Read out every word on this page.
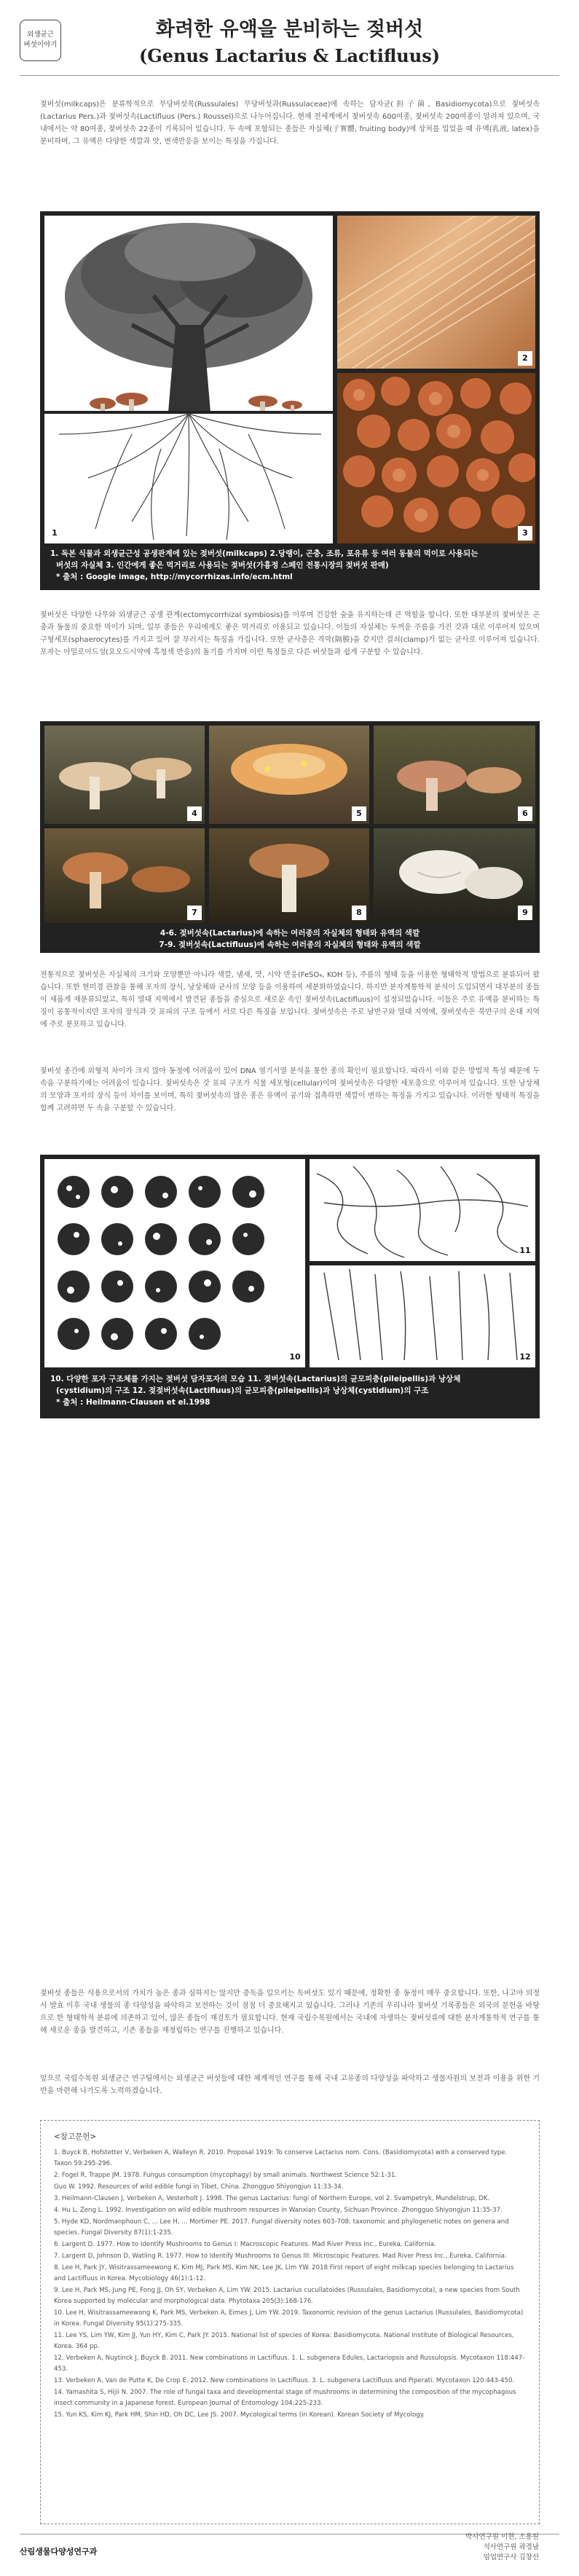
외생균근
버섯이야기
화려한 유액을 분비하는 젖버섯
(Genus Lactarius & Lactifluus)

젖버섯(milkcaps)은 분류학적으로 무당버섯목(Russulales) 무당버섯과(Russulaceae)에 속하는 담자균(担子菌, Basidiomycota)으로 젖버섯속(Lactarius Pers.)과 젖버섯속(Lactifluus (Pers.) Roussel)으로 나누어집니다. 현재 전세계에서 젖버섯속 600여종, 젖버섯속 200여종이 알려져 있으며, 국내에서는 약 80여종, 젖버섯속 22종이 기록되어 있습니다. 두 속에 포함되는 종들은 자실체(子實體, fruiting body)에 상처를 입었을 때 유액(乳液, latex)을 분비하며, 그 유액은 다양한 색깔과 맛, 변색반응을 보이는 특징을 가집니다.

1
2
3
1. 독본 식물과 외생균근성 공생관계에 있는 젖버섯(milkcaps) 2.당랭이, 곤충, 조류, 포유류 등 여러 동물의 먹이로 사용되는
버섯의 자실체 3. 인간에게 좋은 먹거리로 사용되는 젖버섯(가흉정 스페인 전통시장의 젖버섯 판매)
* 출처 : Google image, http://mycorrhizas.info/ecm.html

젖버섯은 다양한 나무와 외생균근 공생 관계(ectomycorrhizal symbiosis)를 이루며 건강한 숲을 유지하는데 큰 역할을 합니다. 또한 대부분의 젖버섯은 곤충과 동물의 중요한 먹이가 되며, 일부 종들은 우리에게도 좋은 먹거리로 이용되고 있습니다. 이들의 자실체는 두꺼운 주름을 가진 갓과 대로 이루어져 있으며 구형세포(sphaerocytes)를 가지고 있어 잘 부러지는 특징을 가집니다. 또한 균사층은 격막(隔膜)을 갖지만 걸쇠(clamp)가 없는 균사로 이루어져 있습니다. 포자는 아밀로이드성(요오드시약에 흑청색 반응)의 돌기를 가지며 이런 특징들로 다른 버섯들과 쉽게 구분할 수 있습니다.

4	5	6
7	8	9
4-6. 젖버섯속(Lactarius)에 속하는 여러종의 자실체의 형태와 유액의 색깔
7-9. 젖버섯속(Lactifluus)에 속하는 여러종의 자실체의 형태와 유액의 색깔

전통적으로 젖버섯은 자실체의 크기와 모양뿐만 아니라 색깔, 냄새, 맛, 시약 반응(FeSO₄, KOH 등), 주름의 형태 등을 이용한 형태학적 방법으로 분류되어 왔습니다. 또한 현미경 관찰을 통해 포자의 장식, 낭상체와 균사의 모양 등을 이용하여 세분화하였습니다. 하지만 분자계통학적 분석이 도입되면서 대부분의 종들이 새롭게 재분류되었고, 특히 열대 지역에서 발견된 종들을 중심으로 새로운 속인 젖버섯속(Lactifluus)이 설정되었습니다. 이들은 주로 유액을 분비하는 특징이 공통적이지만 포자의 장식과 갓 표피의 구조 등에서 서로 다른 특징을 보입니다. 젖버섯속은 주로 남반구와 열대 지역에, 젖버섯속은 북반구의 온대 지역에 주로 분포하고 있습니다.

젖버섯 종간에 외형적 차이가 크지 않아 동정에 어려움이 있어 DNA 염기서열 분석을 통한 종의 확인이 필요합니다. 따라서 이와 같은 방법적 특성 때문에 두 속을 구분하기에는 어려움이 있습니다. 젖버섯속은 갓 표피 구조가 식물 세포형(cellular)이며 젖버섯속은 다양한 세포층으로 이루어져 있습니다. 또한 낭상체의 모양과 포자의 장식 등이 차이를 보이며, 특히 젖버섯속의 많은 종은 유액이 공기와 접촉하면 색깔이 변하는 특징을 가지고 있습니다. 이러한 형태적 특징을 함께 고려하면 두 속을 구분할 수 있습니다.

10
11
12
10. 다양한 포자 구조체를 가지는 젖버섯 담자포자의 모습 11. 젖버섯속(Lactarius)의 균모피층(pileipellis)과 낭상체
(cystidium)의 구조 12. 젖젖버섯속(Lactifluus)의 균모피층(pileipellis)과 낭상체(cystidium)의 구조
* 출처 : Heilmann-Clausen et el.1998

젖버섯 종들은 식용으로서의 가치가 높은 종과 심하지는 않지만 중독을 일으키는 독버섯도 있기 때문에, 정확한 종 동정이 매우 중요합니다. 또한, 나고야 의정서 발효 이후 국내 생물의 종 다양성을 파악하고 보전하는 것이 점점 더 중요해지고 있습니다. 그러나 기존의 우리나라 젖버섯 기록종들은 외국의 문헌을 바탕으로 한 형태학적 분류에 의존하고 있어, 많은 종들이 재검토가 필요합니다. 현재 국립수목원에서는 국내에 자생하는 젖버섯류에 대한 분자계통학적 연구를 통해 새로운 종을 발견하고, 기존 종들을 재정립하는 연구를 진행하고 있습니다.

앞으로 국립수목원 외생균근 연구팀에서는 외생균근 버섯들에 대한 체계적인 연구를 통해 국내 고유종의 다양성을 파악하고 생물자원의 보전과 이용을 위한 기반을 마련해 나가도록 노력하겠습니다.

<참고문헌>
1. Buyck B, Hofstetter V, Verbeken A, Walleyn R. 2010. Proposal 1919: To conserve Lactarius nom. Cons. (Basidiomycota) with a conserved type. Taxon 59:295-296.
2. Fogel R, Trappe JM. 1978. Fungus consumption (mycophagy) by small animals. Northwest Science 52:1-31.
Guo W. 1992. Resources of wild edible fungi in Tibet, China. Zhongguo Shiyongjun 11:33-34.
3. Heilmann-Clausen J, Verbeken A, Vesterholt J. 1998. The genus Lactarius: fungi of Northern Europe, vol 2. Svampetryk, Mundelstrup, DK.
4. Hu L, Zeng L. 1992. Investigation on wild edible mushroom resources in Wanxian County, Sichuan Province. Zhongguo Shiyongjun 11:35-37.
5. Hyde KD, Nordmanphoun C, ... Lee H, ... Mortimer PE. 2017. Fungal diversity notes 603-708: taxonomic and phylogenetic notes on genera and species. Fungal Diversity 87(1):1-235.
6. Largent D. 1977. How to Identify Mushrooms to Genus I: Macroscopic Features. Mad River Press Inc., Eureka, California.
7. Largent D, Johnson D, Watling R. 1977. How to Identify Mushrooms to Genus III: Microscopic Features. Mad River Press Inc., Eureka, California.
8. Lee H, Park JY, Wisitrassameewong K, Kim MJ, Park MS, Kim NK, Lee JK, Lim YW. 2018 First report of eight milkcap species belonging to Lactarius and Lactifluus in Korea. Mycobiology 46(1):1-12.
9. Lee H, Park MS, Jung PE, Fong JJ, Oh SY, Verbeken A, Lim YW. 2015. Lactarius cucullatoides (Russulales, Basidiomycota), a new species from South Korea supported by molecular and morphological data. Phytotaxa 205(3):168-176.
10. Lee H, Wisitrassameewong K, Park MS, Verbeken A, Eimes J, Lim YW. 2019. Taxonomic revision of the genus Lactarius (Russulales, Basidiomycota) in Korea. Fungal Diversity 95(1):275-335.
11. Lee YS, Lim YW, Kim JJ, Yun HY, Kim C, Park JY. 2015. National list of species of Korea: Basidiomycota. National Institute of Biological Resources, Korea. 364 pp.
12. Verbeken A, Nuytinck J, Buyck B. 2011. New combinations in Lactifluus. 1. L. subgenera Edules, Lactariopsis and Russulopsis. Mycotaxon 118:447-453.
13. Verbeken A, Van de Putte K, De Crop E. 2012. New combinations in Lactifluus. 3. L. subgenera Lactifluus and Piperati. Mycotaxon 120:443-450.
14. Yamashita S, Hijii N. 2007. The role of fungal taxa and developmental stage of mushrooms in determining the composition of the mycophagous insect community in a Japanese forest. European Journal of Entomology 104:225-233.
15. Yun KS, Kim KJ, Park HM, Shin HD, Oh DC, Lee JS. 2007. Mycological terms (in Korean). Korean Society of Mycology.
산림생물다양성연구과
박사연구원 이현, 소용원
석사연구원 곽경남
임업연구사 김창선
